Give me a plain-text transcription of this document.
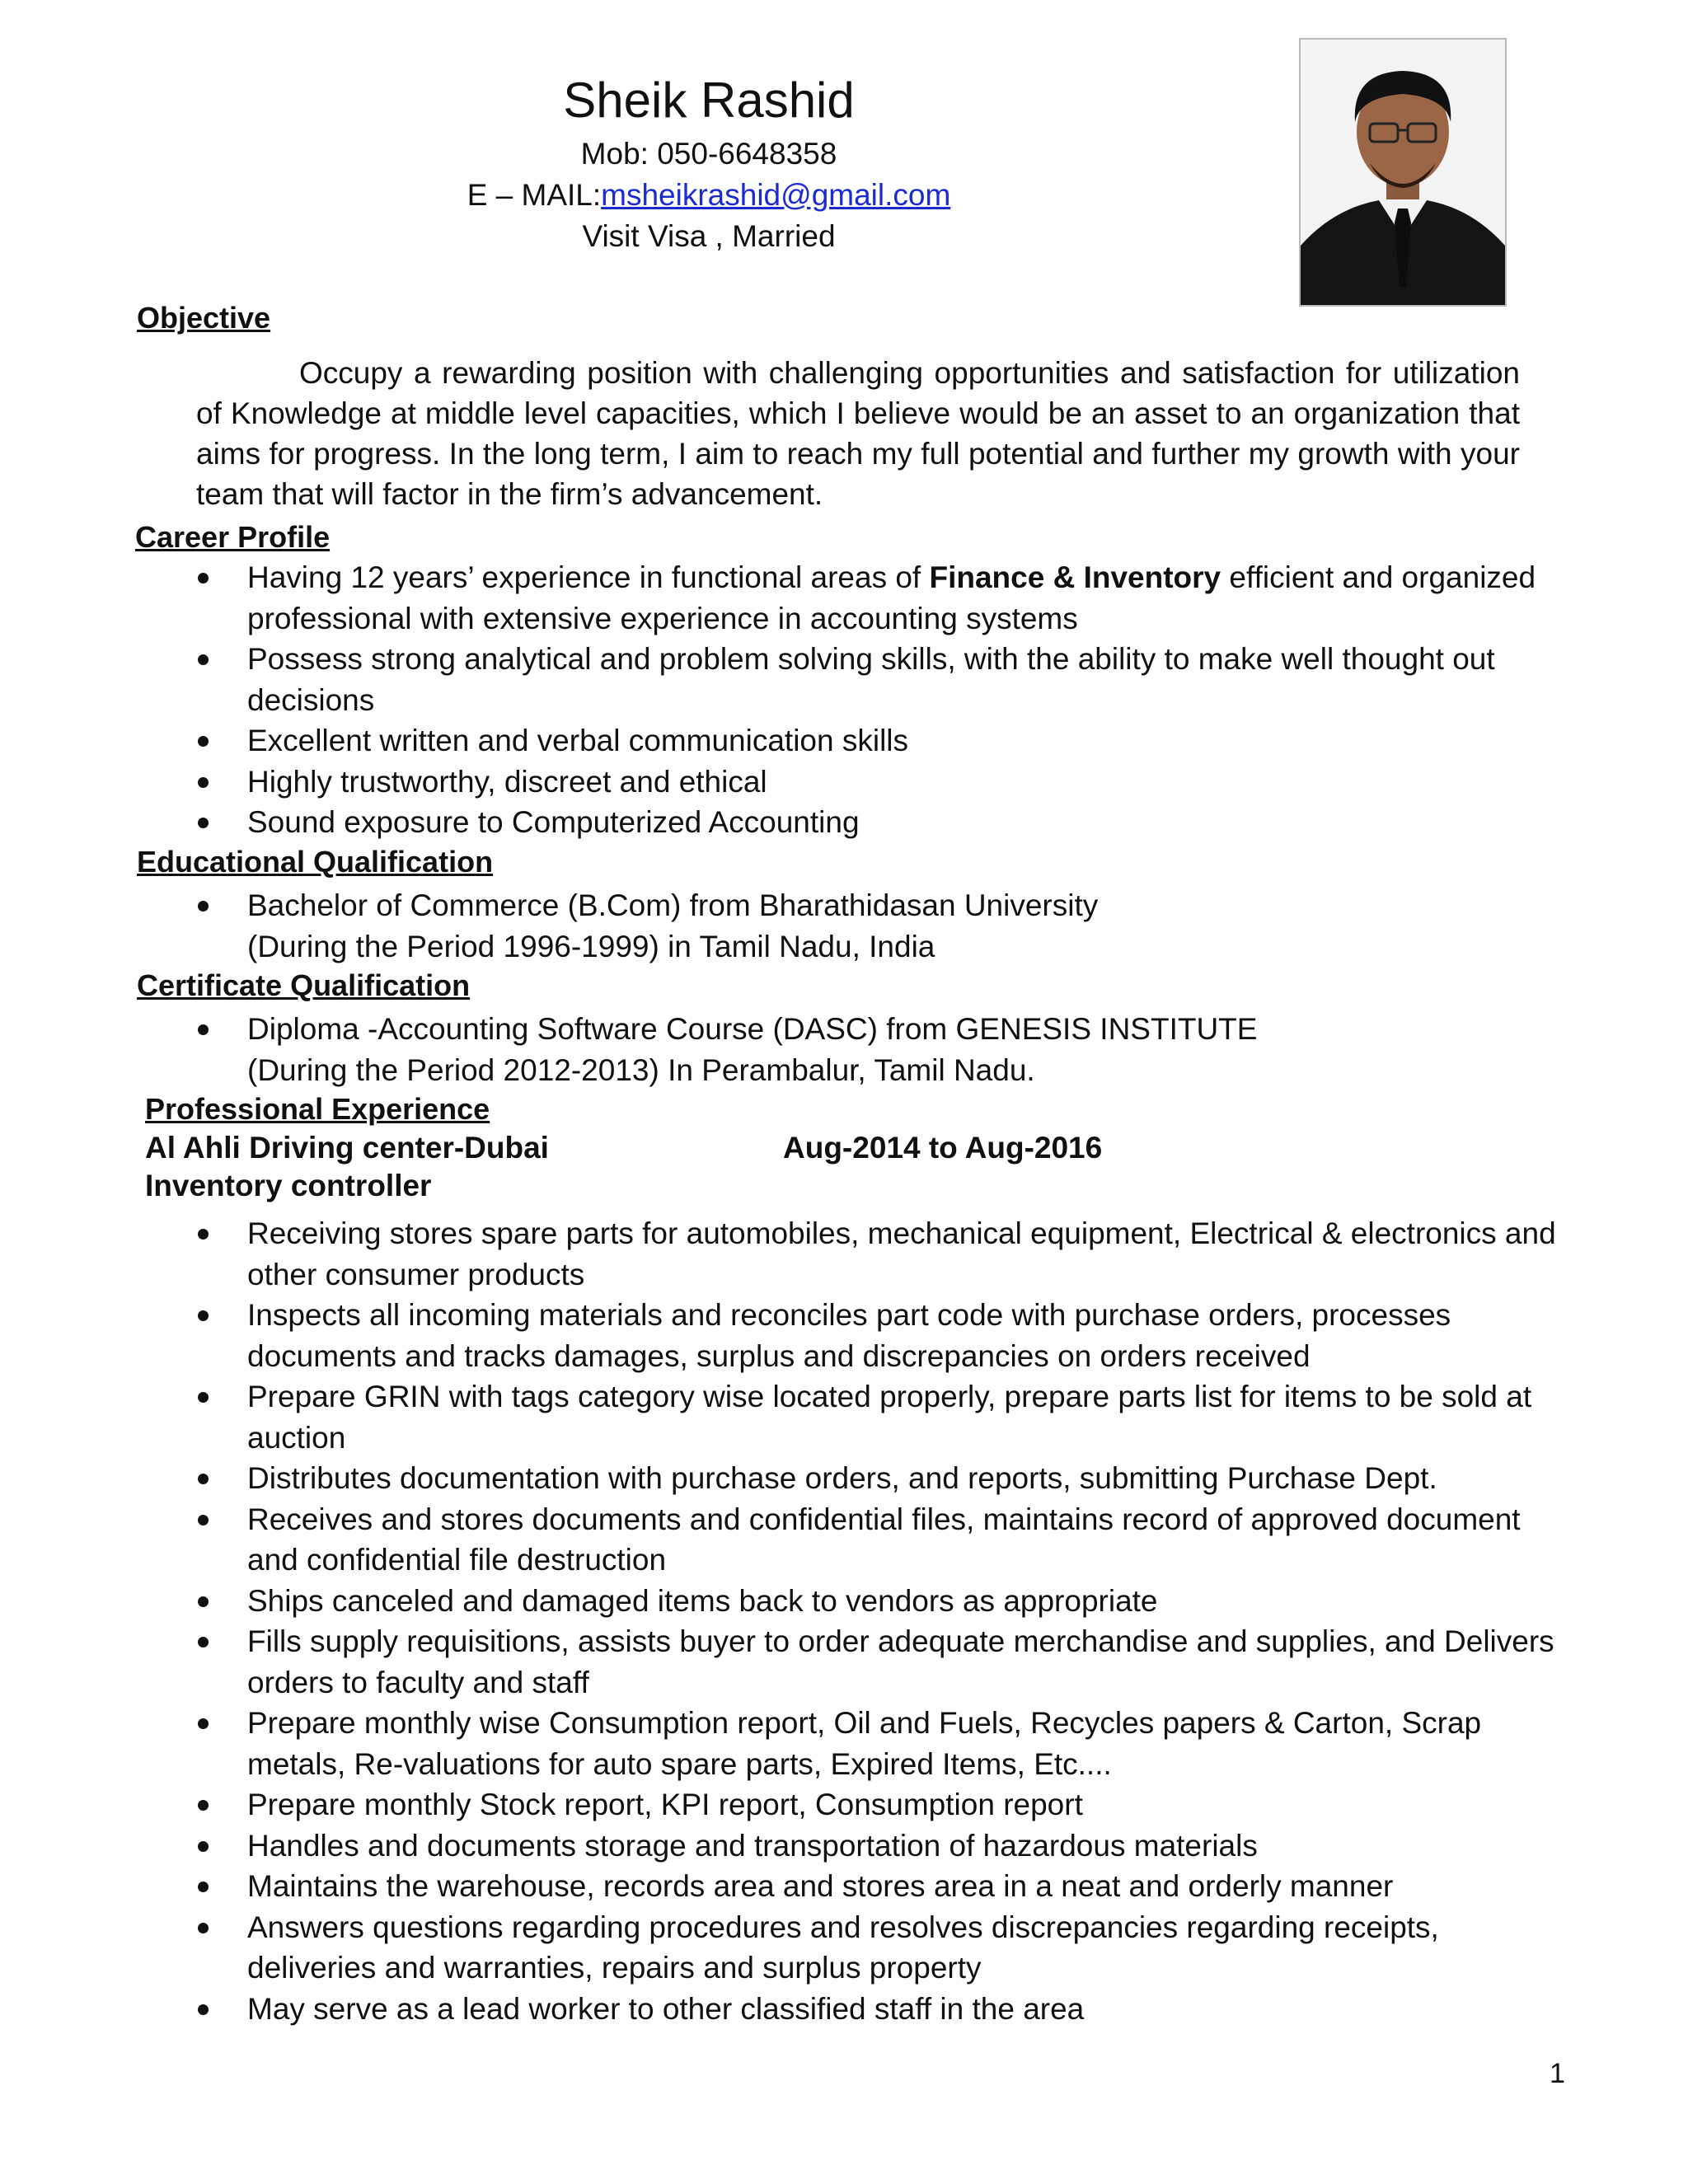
Sheik Rashid

Mob: 050-6648358

E – MAIL:msheikrashid@gmail.com

Visit Visa , Married

Objective

Occupy a rewarding position with challenging opportunities and satisfaction for utilization of Knowledge at middle level capacities, which I believe would be an asset to an organization that aims for progress. In the long term, I aim to reach my full potential and further my growth with your team that will factor in the firm’s advancement.

Career Profile

Having 12 years’ experience in functional areas of Finance & Inventory efficient and organized professional with extensive experience in accounting systems
Possess strong analytical and problem solving skills, with the ability to make well thought out decisions
Excellent written and verbal communication skills
Highly trustworthy, discreet and ethical
Sound exposure to Computerized Accounting

Educational Qualification

Bachelor of Commerce (B.Com) from Bharathidasan University

(During the Period 1996-1999) in Tamil Nadu, India

Certificate Qualification

Diploma -Accounting Software Course (DASC) from GENESIS INSTITUTE

(During the Period 2012-2013) In Perambalur, Tamil Nadu.

Professional Experience

Al Ahli Driving center-Dubai	Aug-2014 to Aug-2016

Inventory controller

Receiving stores spare parts for automobiles, mechanical equipment, Electrical & electronics and other consumer products
Inspects all incoming materials and reconciles part code with purchase orders, processes documents and tracks damages, surplus and discrepancies on orders received
Prepare GRIN with tags category wise located properly, prepare parts list for items to be sold at auction
Distributes documentation with purchase orders, and reports, submitting Purchase Dept.
Receives and stores documents and confidential files, maintains record of approved document and confidential file destruction
Ships canceled and damaged items back to vendors as appropriate
Fills supply requisitions, assists buyer to order adequate merchandise and supplies, and Delivers orders to faculty and staff
Prepare monthly wise Consumption report, Oil and Fuels, Recycles papers & Carton, Scrap metals, Re-valuations for auto spare parts, Expired Items, Etc....
Prepare monthly Stock report, KPI report, Consumption report
Handles and documents storage and transportation of hazardous materials
Maintains the warehouse, records area and stores area in a neat and orderly manner
Answers questions regarding procedures and resolves discrepancies regarding receipts, deliveries and warranties, repairs and surplus property
May serve as a lead worker to other classified staff in the area
1
